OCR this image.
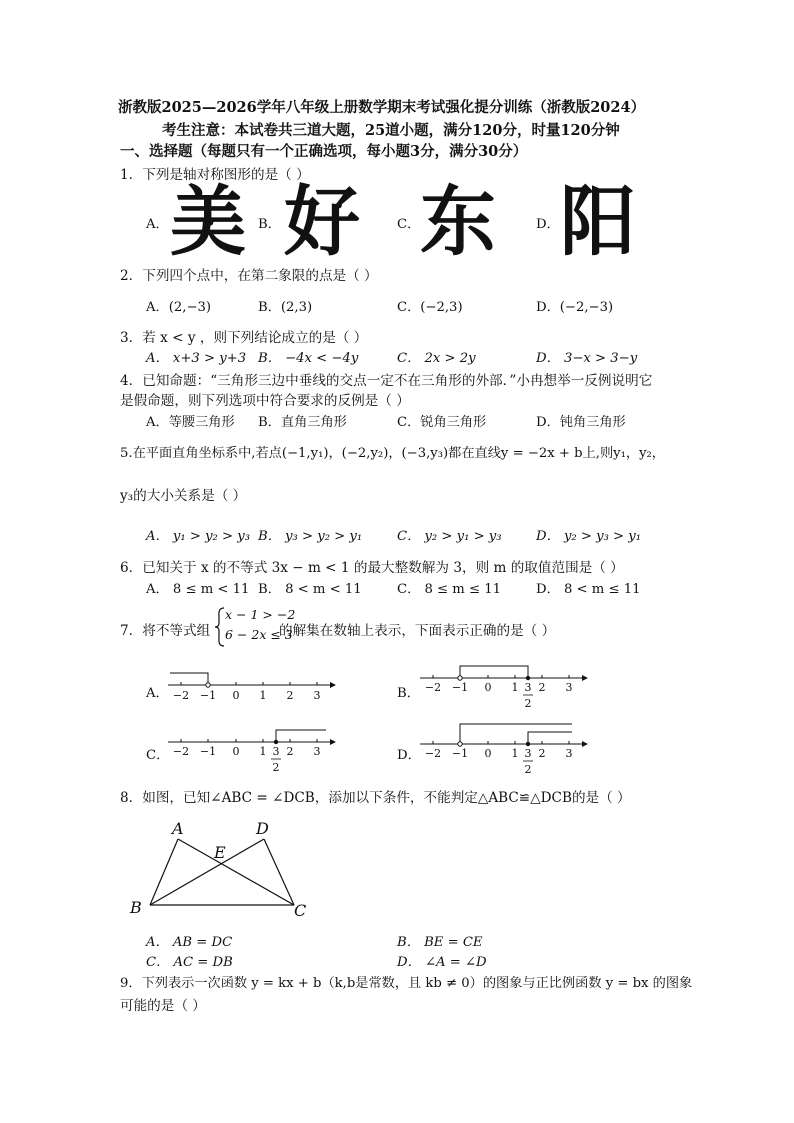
浙教版2025—2026学年八年级上册数学期末考试强化提分训练（浙教版2024）
考生注意：本试卷共三道大题，25道小题，满分120分，时量120分钟
一、选择题（每题只有一个正确选项，每小题3分，满分30分）
1．下列是轴对称图形的是（ ）
A． 美 B． 好	C． 东	D． 阳
2．下列四个点中，在第二象限的点是（ ）
A．(2,−3)	B．(2,3)	C．(−2,3)	D．(−2,−3)
3．若 x < y ，则下列结论成立的是（ ）
A． x+3 > y+3 B． −4x < −4y	C． 2x > 2y	D． 3−x > 3−y
4．已知命题：“三角形三边中垂线的交点一定不在三角形的外部．”小冉想举一反例说明它
是假命题，则下列选项中符合要求的反例是（ ）
A．等腰三角形 B．直角三角形	C．锐角三角形	D．钝角三角形
5.在平面直角坐标系中,若点(−1,y₁)，(−2,y₂)，(−3,y₃)都在直线y = −2x + b上,则y₁，y₂，
y₃的大小关系是（ ）
A． y₁ > y₂ > y₃ B． y₃ > y₂ > y₁	C． y₂ > y₁ > y₃	D． y₂ > y₃ > y₁
6．已知关于 x 的不等式 3x − m < 1 的最大整数解为 3，则 m 的取值范围是（ ）
A． 8 ≤ m < 11 B． 8 < m < 11	C． 8 ≤ m ≤ 11	D． 8 < m ≤ 11
7．将不等式组
x − 1 > −2
6 − 2x ≤ 3
的解集在数轴上表示，下面表示正确的是（ ）
A． −2 −1 0 1 2 3	B． −2 −1 0 1 2 3
3
2
C． −2 −1 0 1 2 3
3
2
D． −2 −1 0 1 2 3
3
2
8．如图，已知∠ABC = ∠DCB，添加以下条件，不能判定△ABC≌△DCB的是（ ）
A	D
E
B	C
A． AB = DC	B． BE = CE
C． AC = DB	D． ∠A = ∠D
9．下列表示一次函数 y = kx + b（k,b是常数，且 kb ≠ 0）的图象与正比例函数 y = bx 的图象
可能的是（ ）
